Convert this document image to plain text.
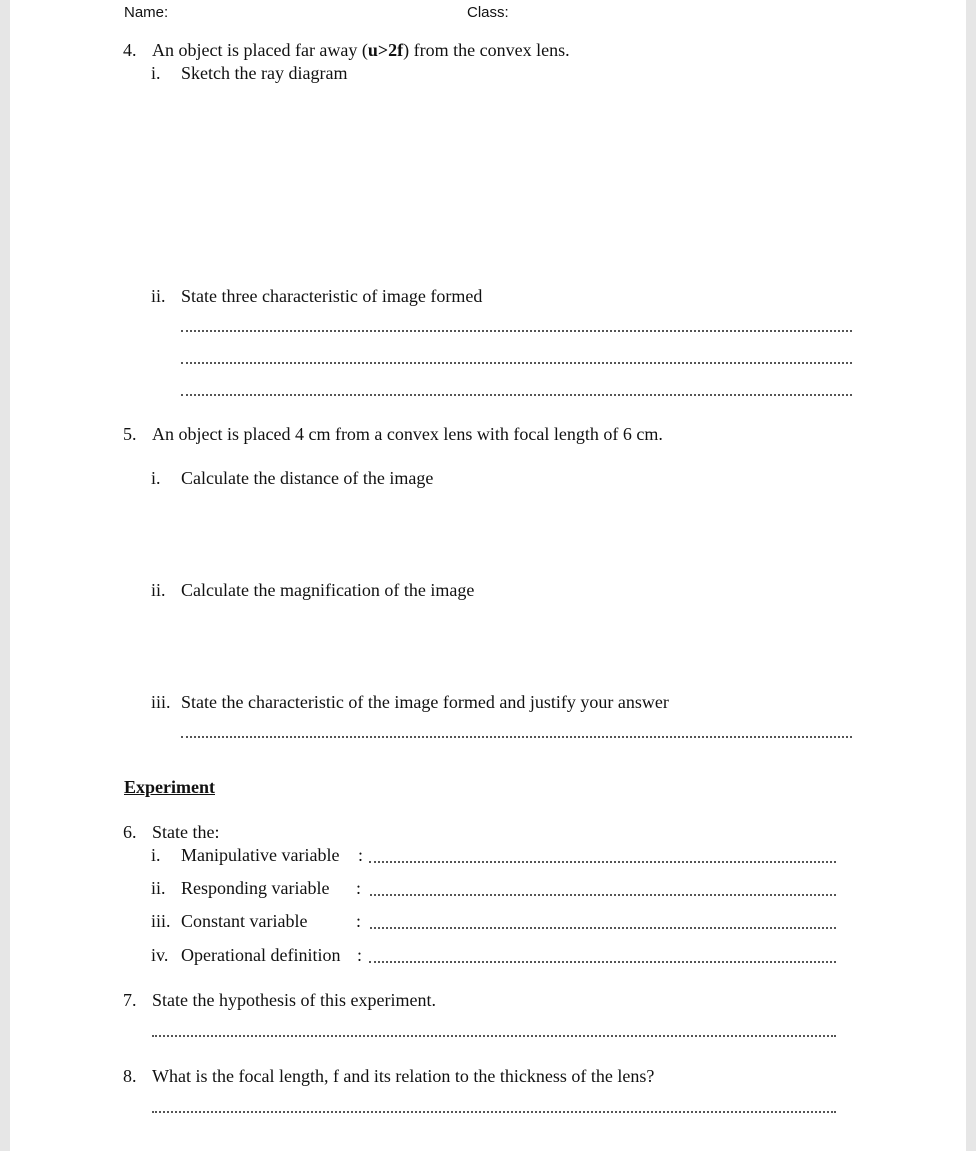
Name:	Class:
4. An object is placed far away (u>2f) from the convex lens.
i. Sketch the ray diagram
ii. State three characteristic of image formed
5. An object is placed 4 cm from a convex lens with focal length of 6 cm.
i. Calculate the distance of the image
ii. Calculate the magnification of the image
iii. State the characteristic of the image formed and justify your answer
Experiment
6. State the:
i. Manipulative variable :
ii. Responding variable :
iii. Constant variable	:
iv. Operational definition :
7. State the hypothesis of this experiment.
8. What is the focal length, f and its relation to the thickness of the lens?
